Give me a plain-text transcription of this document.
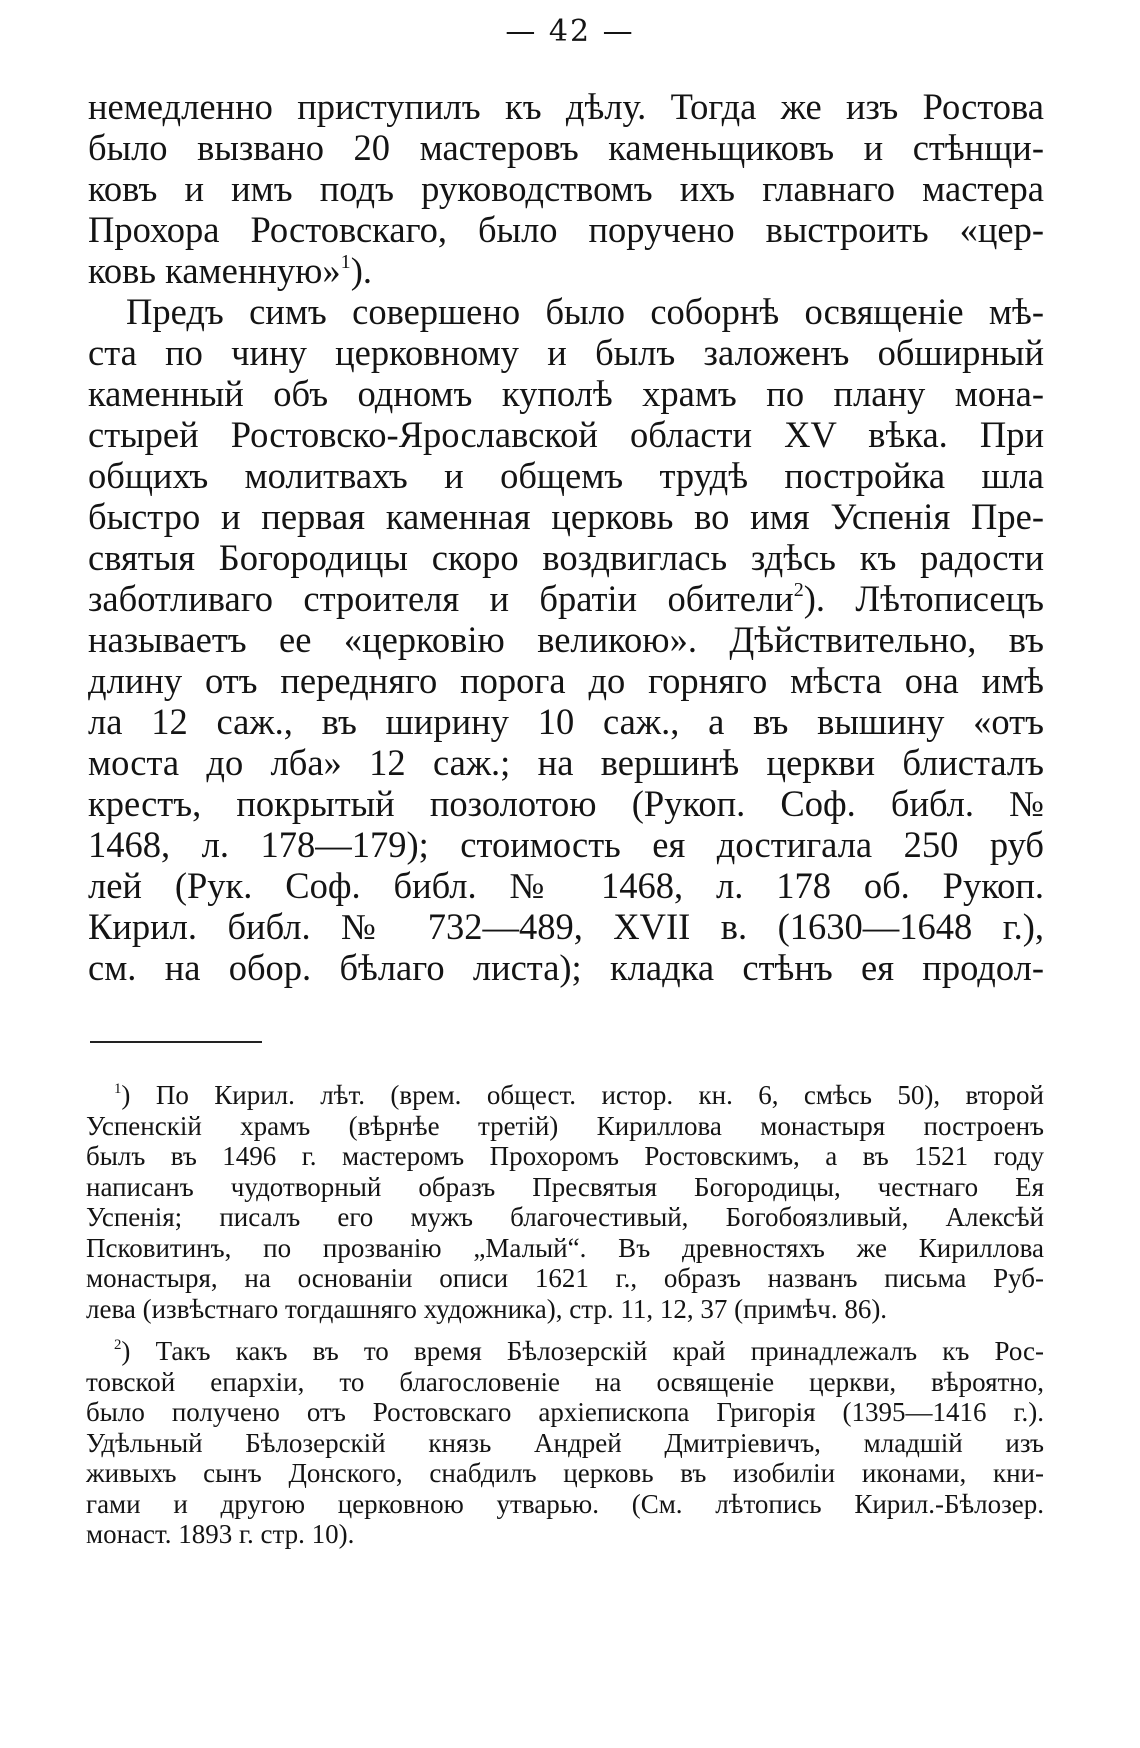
— 42 —
немедленно приступилъ къ дѣлу. Тогда же изъ Ростова
было вызвано 20 мастеровъ каменьщиковъ и стѣнщи-
ковъ и имъ подъ руководствомъ ихъ главнаго мастера
Прохора Ростовскаго, было поручено выстроить «цер-
ковь каменную»$^1$).
Предъ симъ совершено было соборнѣ освященіе мѣ-
ста по чину церковному и былъ заложенъ обширный
каменный объ одномъ куполѣ храмъ по плану мона-
стырей Ростовско-Ярославской области XV вѣка. При
общихъ молитвахъ и общемъ трудѣ постройка шла
быстро и первая каменная церковь во имя Успенія Пре-
святыя Богородицы скоро воздвиглась здѣсь къ радости
заботливаго строителя и братіи обители$^2$). Лѣтописецъ
называетъ ее «церковію великою». Дѣйствительно, въ
длину отъ передняго порога до горняго мѣста она имѣ
ла 12 саж., въ ширину 10 саж., а въ вышину «отъ
моста до лба» 12 саж.; на вершинѣ церкви блисталъ
крестъ, покрытый позолотою (Рукоп. Соф. библ. №
1468, л. 178—179); стоимость ея достигала 250 руб
лей (Рук. Соф. библ. № 1468, л. 178 об. Рукоп.
Кирил. библ. № 732—489, XVII в. (1630—1648 г.),
см. на обор. бѣлаго листа); кладка стѣнъ ея продол-
$^1$) По Кирил. лѣт. (врем. общест. истор. кн. 6, смѣсь 50), второй
Успенскій храмъ (вѣрнѣе третій) Кириллова монастыря построенъ
былъ въ 1496 г. мастеромъ Прохоромъ Ростовскимъ, а въ 1521 году
написанъ чудотворный образъ Пресвятыя Богородицы, честнаго Ея
Успенія; писалъ его мужъ благочестивый, Богобоязливый, Алексѣй
Псковитинъ, по прозванію „Малый“. Въ древностяхъ же Кириллова
монастыря, на основаніи описи 1621 г., образъ названъ письма Руб-
лева (извѣстнаго тогдашняго художника), стр. 11, 12, 37 (примѣч. 86).
$^2$) Такъ какъ въ то время Бѣлозерскій край принадлежалъ къ Рос-
товской епархіи, то благословеніе на освященіе церкви, вѣроятно,
было получено отъ Ростовскаго архіепископа Григорія (1395—1416 г.).
Удѣльный Бѣлозерскій князь Андрей Дмитріевичъ, младшій изъ
живыхъ сынъ Донского, снабдилъ церковь въ изобиліи иконами, кни-
гами и другою церковною утварью. (См. лѣтопись Кирил.-Бѣлозер.
монаст. 1893 г. стр. 10).
